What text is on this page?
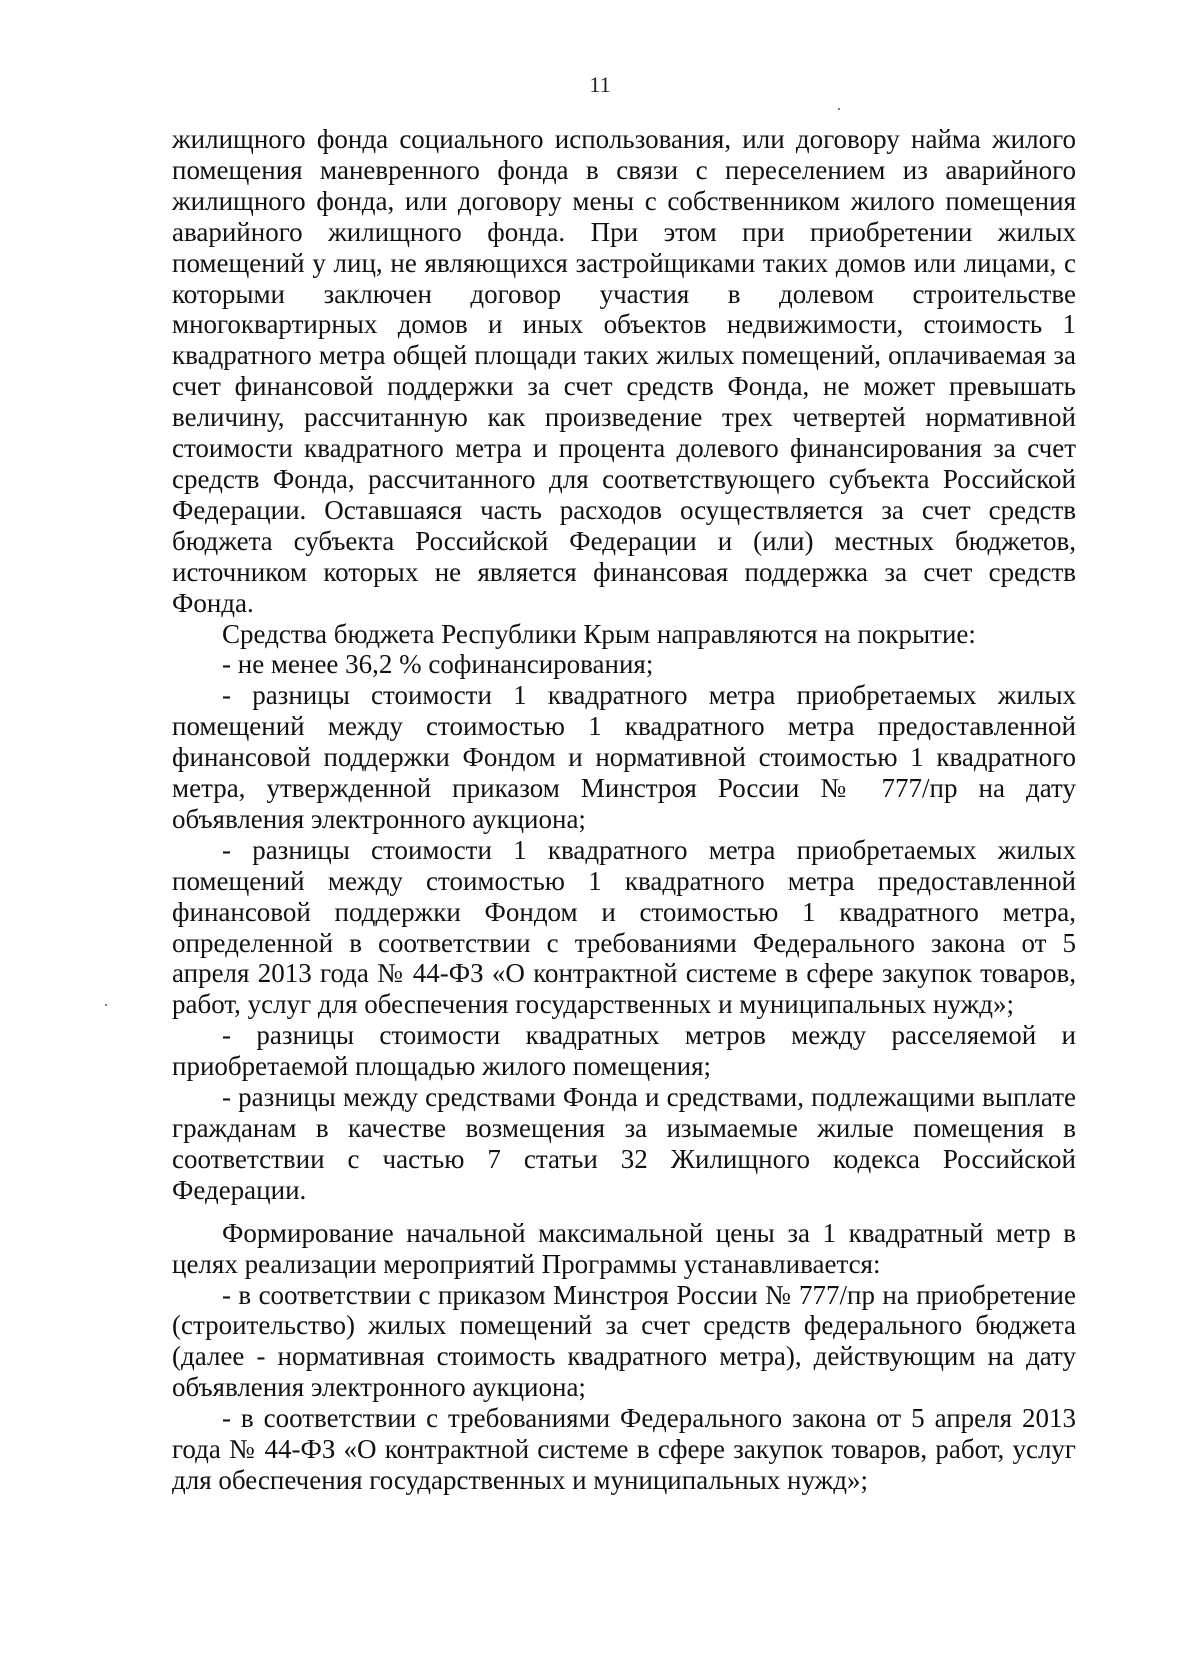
11

жилищного фонда социального использования, или договору найма жилого помещения маневренного фонда в связи с переселением из аварийного жилищного фонда, или договору мены с собственником жилого помещения аварийного жилищного фонда. При этом при приобретении жилых помещений у лиц, не являющихся застройщиками таких домов или лицами, с которыми заключен договор участия в долевом строительстве многоквартирных домов и иных объектов недвижимости, стоимость 1 квадратного метра общей площади таких жилых помещений, оплачиваемая за счет финансовой поддержки за счет средств Фонда, не может превышать величину, рассчитанную как произведение трех четвертей нормативной стоимости квадратного метра и процента долевого финансирования за счет средств Фонда, рассчитанного для соответствующего субъекта Российской Федерации. Оставшаяся часть расходов осуществляется за счет средств бюджета субъекта Российской Федерации и (или) местных бюджетов, источником которых не является финансовая поддержка за счет средств Фонда.

Средства бюджета Республики Крым направляются на покрытие:

- не менее 36,2 % софинансирования;

- разницы стоимости 1 квадратного метра приобретаемых жилых помещений между стоимостью 1 квадратного метра предоставленной финансовой поддержки Фондом и нормативной стоимостью 1 квадратного метра, утвержденной приказом Минстроя России № 777/пр на дату объявления электронного аукциона;

- разницы стоимости 1 квадратного метра приобретаемых жилых помещений между стоимостью 1 квадратного метра предоставленной финансовой поддержки Фондом и стоимостью 1 квадратного метра, определенной в соответствии с требованиями Федерального закона от 5 апреля 2013 года № 44-ФЗ «О контрактной системе в сфере закупок товаров, работ, услуг для обеспечения государственных и муниципальных нужд»;

- разницы стоимости квадратных метров между расселяемой и приобретаемой площадью жилого помещения;

- разницы между средствами Фонда и средствами, подлежащими выплате гражданам в качестве возмещения за изымаемые жилые помещения в соответствии с частью 7 статьи 32 Жилищного кодекса Российской Федерации.

Формирование начальной максимальной цены за 1 квадратный метр в целях реализации мероприятий Программы устанавливается:

- в соответствии с приказом Минстроя России № 777/пр на приобретение (строительство) жилых помещений за счет средств федерального бюджета (далее - нормативная стоимость квадратного метра), действующим на дату объявления электронного аукциона;

- в соответствии с требованиями Федерального закона от 5 апреля 2013 года № 44-ФЗ «О контрактной системе в сфере закупок товаров, работ, услуг для обеспечения государственных и муниципальных нужд»;
